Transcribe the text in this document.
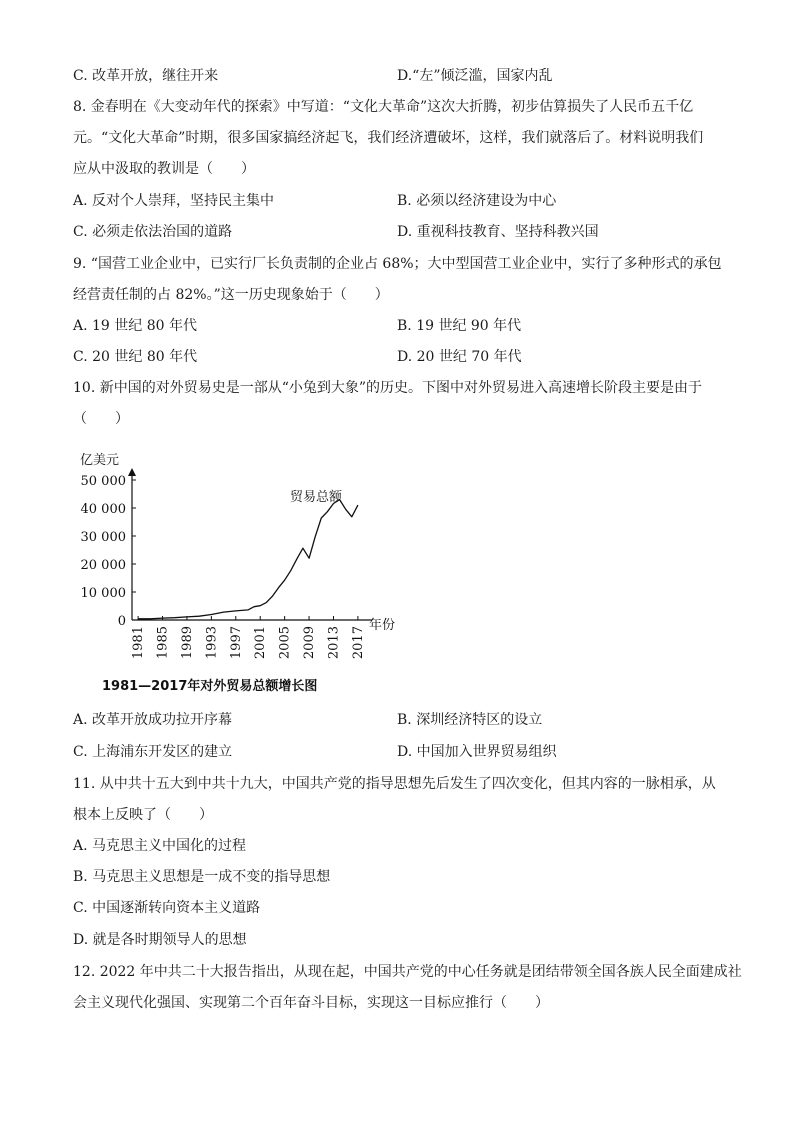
C. 改革开放，继往开来	D.“左”倾泛滥，国家内乱
8. 金春明在《大变动年代的探索》中写道：“文化大革命”这次大折腾，初步估算损失了人民币五千亿
元。“文化大革命”时期，很多国家搞经济起飞，我们经济遭破坏，这样，我们就落后了。材料说明我们
应从中汲取的教训是（　　）
A. 反对个人崇拜，坚持民主集中	B. 必须以经济建设为中心
C. 必须走依法治国的道路	D. 重视科技教育、坚持科教兴国
9. “国营工业企业中，已实行厂长负责制的企业占 68%；大中型国营工业企业中，实行了多种形式的承包
经营责任制的占 82%。”这一历史现象始于（　　）
A. 19 世纪 80 年代	B. 19 世纪 90 年代
C. 20 世纪 80 年代	D. 20 世纪 70 年代
10. 新中国的对外贸易史是一部从“小兔到大象”的历史。下图中对外贸易进入高速增长阶段主要是由于
（　　）
0
10 000
20 000
30 000
40 000
50 000
1981 1985 1989 1993 1997 2001 2005 2009 2013 2017
亿美元
年份
贸易总额
1981—2017年对外贸易总额增长图
A. 改革开放成功拉开序幕	B. 深圳经济特区的设立
C. 上海浦东开发区的建立	D. 中国加入世界贸易组织
11. 从中共十五大到中共十九大，中国共产党的指导思想先后发生了四次变化，但其内容的一脉相承，从
根本上反映了（　　）
A. 马克思主义中国化的过程
B. 马克思主义思想是一成不变的指导思想
C. 中国逐渐转向资本主义道路
D. 就是各时期领导人的思想
12. 2022 年中共二十大报告指出，从现在起，中国共产党的中心任务就是团结带领全国各族人民全面建成社
会主义现代化强国、实现第二个百年奋斗目标，实现这一目标应推行（　　）
